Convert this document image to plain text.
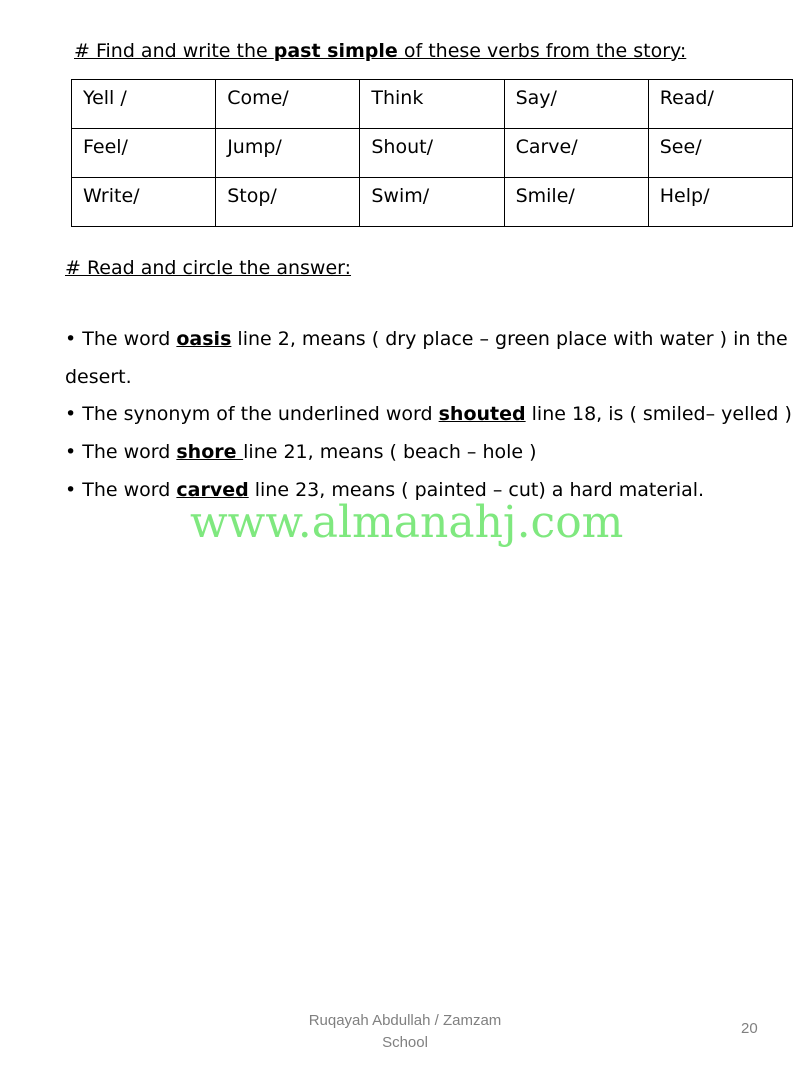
# Find and write the past simple of these verbs from the story:
Yell /	Come/	Think	Say/	Read/
Feel/	Jump/	Shout/	Carve/	See/
Write/	Stop/	Swim/	Smile/	Help/
# Read and circle the answer:
• The word oasis line 2, means ( dry place – green place with water ) in the
desert.
• The synonym of the underlined word shouted line 18, is ( smiled– yelled )
• The word shore line 21, means ( beach – hole )
• The word carved line 23, means ( painted – cut) a hard material.
www.almanahj.com
Ruqayah Abdullah / Zamzam
School
20
